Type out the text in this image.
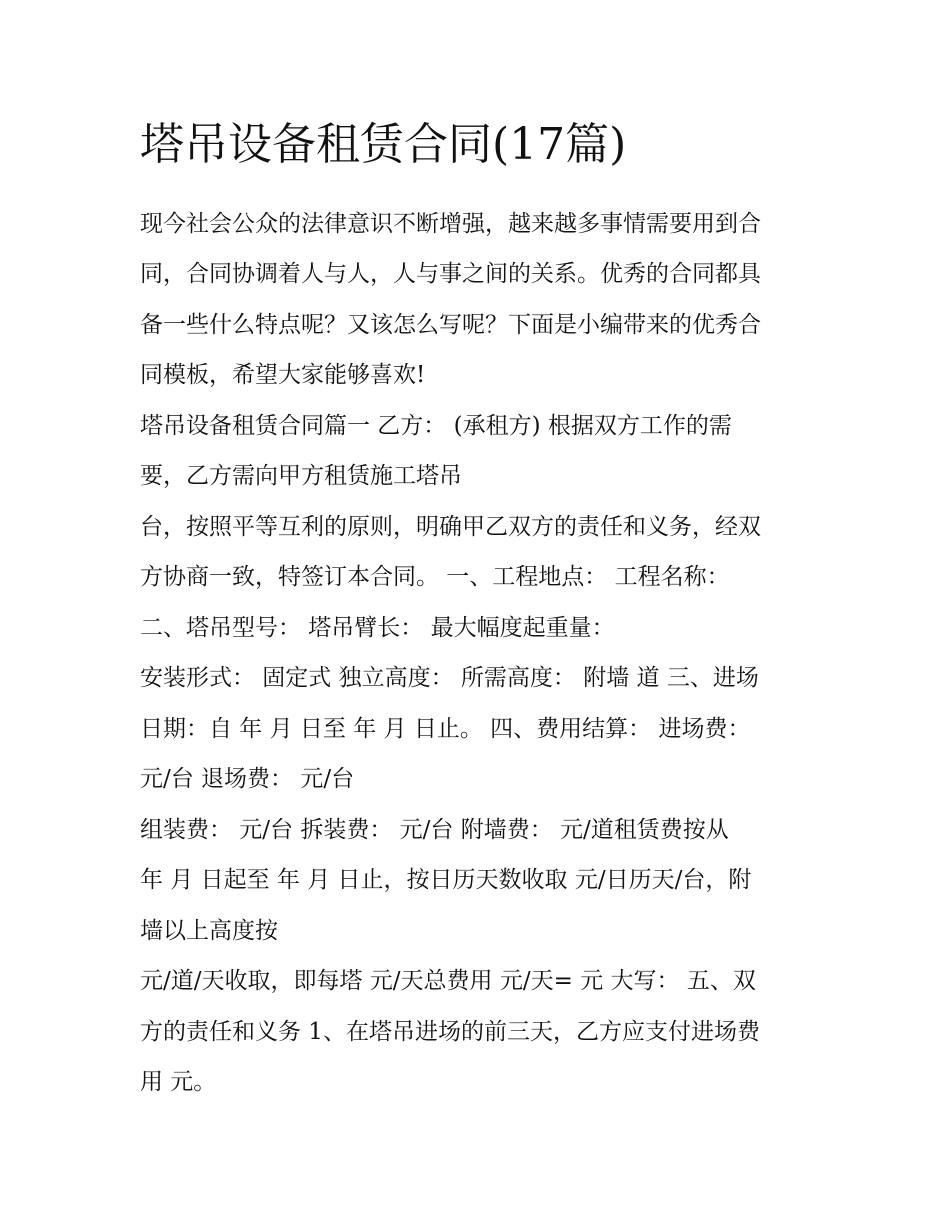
塔吊设备租赁合同(17篇)
现今社会公众的法律意识不断增强，越来越多事情需要用到合
同，合同协调着人与人，人与事之间的关系。优秀的合同都具
备一些什么特点呢？又该怎么写呢？下面是小编带来的优秀合
同模板，希望大家能够喜欢!
塔吊设备租赁合同篇一 乙方： (承租方) 根据双方工作的需
要，乙方需向甲方租赁施工塔吊
台，按照平等互利的原则，明确甲乙双方的责任和义务，经双
方协商一致，特签订本合同。 一、工程地点： 工程名称：
二、塔吊型号： 塔吊臂长： 最大幅度起重量：
安装形式： 固定式 独立高度： 所需高度： 附墙 道 三、进场
日期：自 年 月 日至 年 月 日止。 四、费用结算： 进场费：
元/台 退场费： 元/台
组装费： 元/台 拆装费： 元/台 附墙费： 元/道租赁费按从
年 月 日起至 年 月 日止，按日历天数收取 元/日历天/台，附
墙以上高度按
元/道/天收取，即每塔 元/天总费用 元/天= 元 大写： 五、双
方的责任和义务 1、在塔吊进场的前三天，乙方应支付进场费
用 元。
